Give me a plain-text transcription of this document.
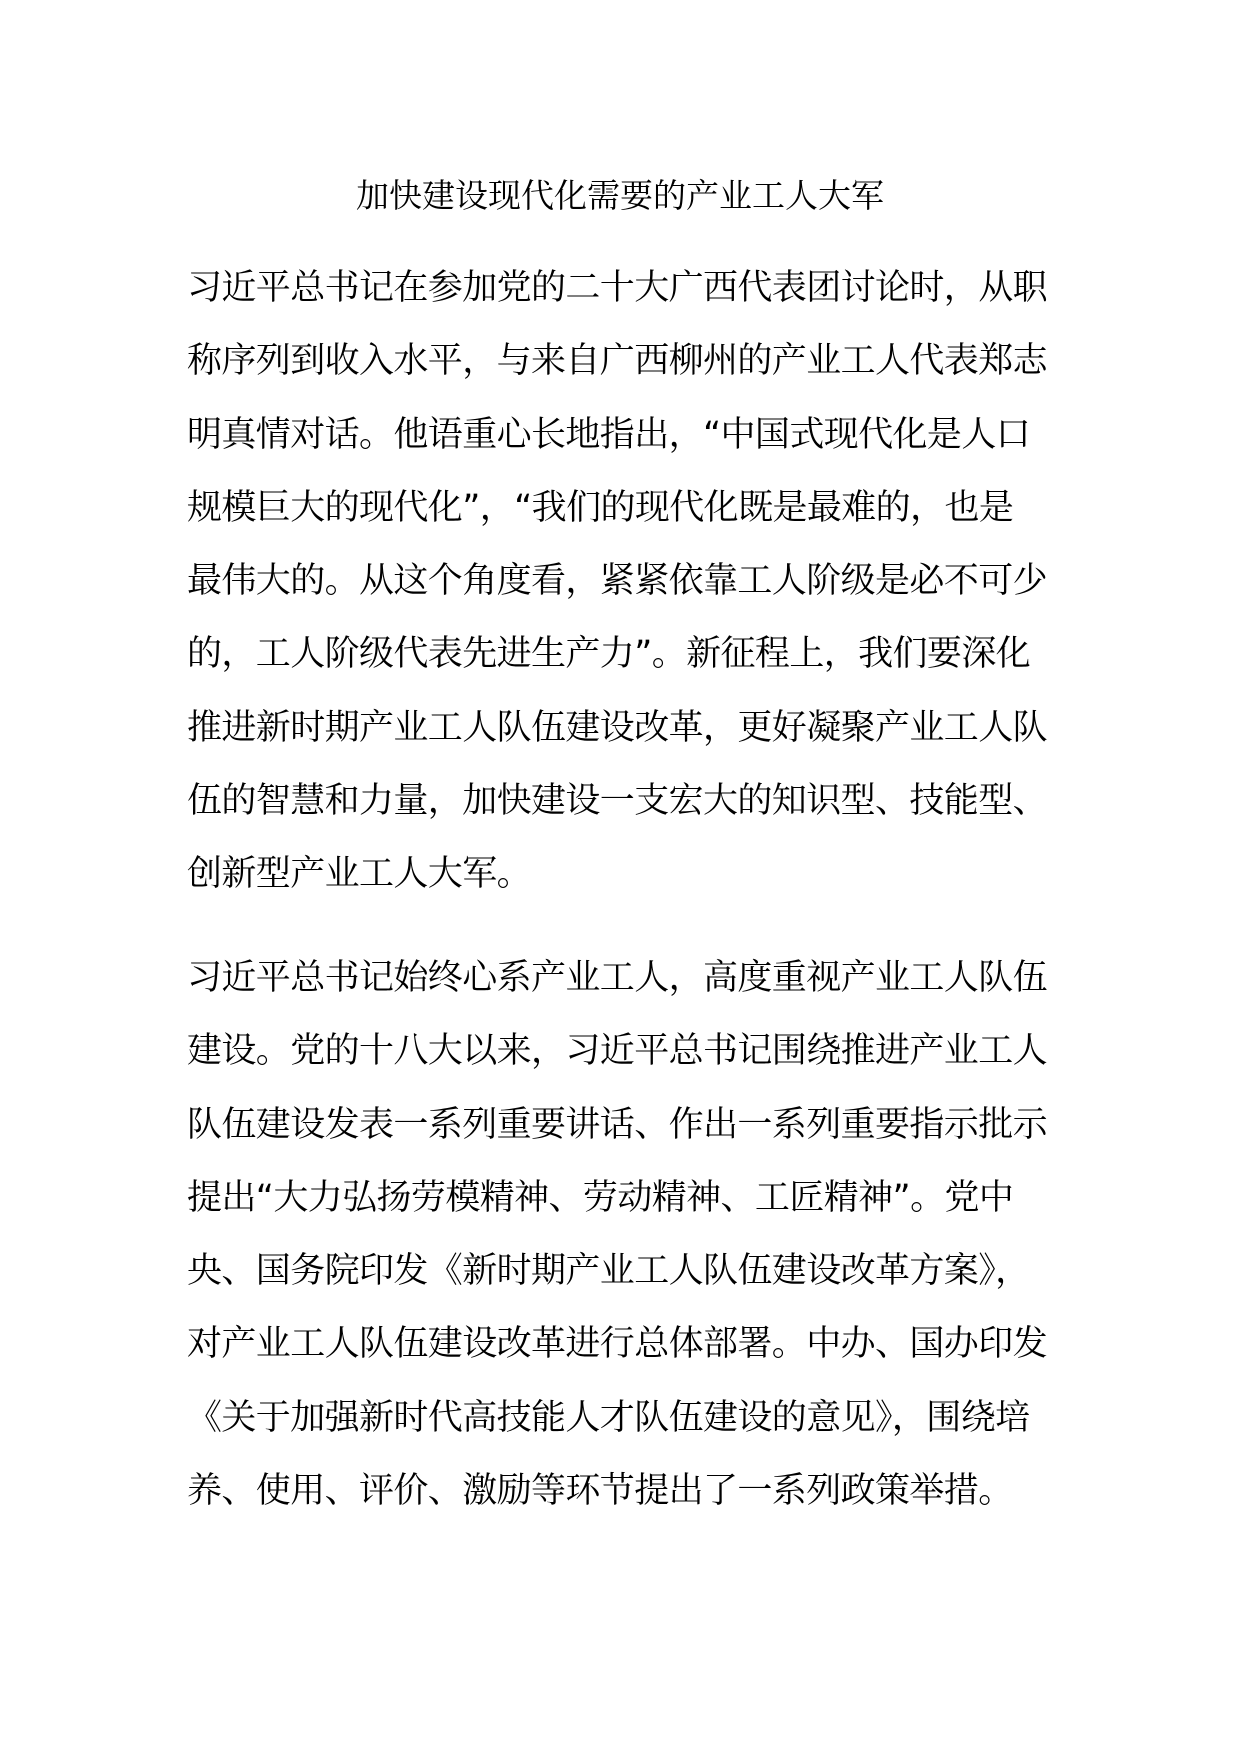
加快建设现代化需要的产业工人大军
习近平总书记在参加党的二十大广西代表团讨论时，从职
称序列到收入水平，与来自广西柳州的产业工人代表郑志
明真情对话。他语重心长地指出，“中国式现代化是人口
规模巨大的现代化”，“我们的现代化既是最难的，也是
最伟大的。从这个角度看，紧紧依靠工人阶级是必不可少
的，工人阶级代表先进生产力”。新征程上，我们要深化
推进新时期产业工人队伍建设改革，更好凝聚产业工人队
伍的智慧和力量，加快建设一支宏大的知识型、技能型、
创新型产业工人大军。
习近平总书记始终心系产业工人，高度重视产业工人队伍
建设。党的十八大以来，习近平总书记围绕推进产业工人
队伍建设发表一系列重要讲话、作出一系列重要指示批示
提出“大力弘扬劳模精神、劳动精神、工匠精神”。党中
央、国务院印发《新时期产业工人队伍建设改革方案》，
对产业工人队伍建设改革进行总体部署。中办、国办印发
《关于加强新时代高技能人才队伍建设的意见》，围绕培
养、使用、评价、激励等环节提出了一系列政策举措。
